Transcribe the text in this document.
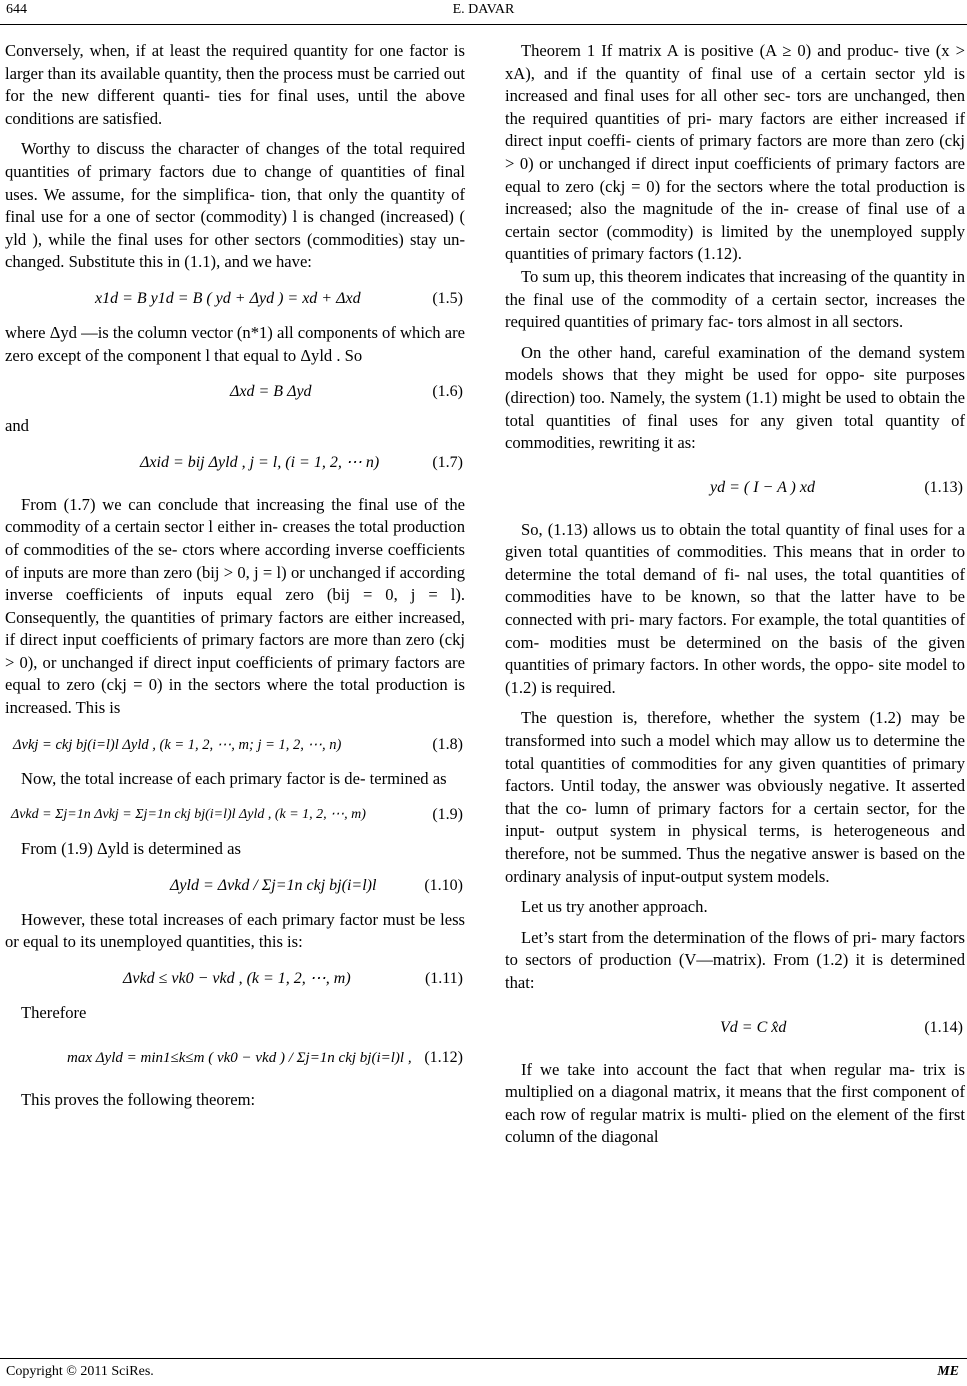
644	E. DAVAR

Conversely, when, if at least the required quantity for one factor is larger than its available quantity, then the process must be carried out for the new different quanti- ties for final uses, until the above conditions are satisfied.

Worthy to discuss the character of changes of the total required quantities of primary factors due to change of quantities of final uses. We assume, for the simplifica- tion, that only the quantity of final use for a one of sector (commodity) l is changed (increased) ( yld ), while the final uses for other sectors (commodities) stay un- changed. Substitute this in (1.1), and we have:

x1d = B y1d = B ( yd + Δyd ) = xd + Δxd	(1.5)

where Δyd —is the column vector (n*1) all components of which are zero except of the component l that equal to Δyld . So

Δxd = B Δyd	(1.6)

and

Δxid = bij Δyld , j = l, (i = 1, 2, ⋯ n)	(1.7)

From (1.7) we can conclude that increasing the final use of the commodity of a certain sector l either in- creases the total production of commodities of the se- ctors where according inverse coefficients of inputs are more than zero (bij > 0, j = l) or unchanged if according inverse coefficients of inputs equal zero (bij = 0, j = l). Consequently, the quantities of primary factors are either increased, if direct input coefficients of primary factors are more than zero (ckj > 0), or unchanged if direct input coefficients of primary factors are equal to zero (ckj = 0) in the sectors where the total production is increased. This is

Δvkj = ckj bj(i=l)l Δyld , (k = 1, 2, ⋯, m; j = 1, 2, ⋯, n)	(1.8)

Now, the total increase of each primary factor is de- termined as

Δvkd = Σj=1n Δvkj = Σj=1n ckj bj(i=l)l Δyld , (k = 1, 2, ⋯, m)	(1.9)

From (1.9) Δyld is determined as

Δyld = Δvkd / Σj=1n ckj bj(i=l)l	(1.10)

However, these total increases of each primary factor must be less or equal to its unemployed quantities, this is:

Δvkd ≤ vk0 − vkd , (k = 1, 2, ⋯, m)	(1.11)

Therefore

max Δyld = min1≤k≤m ( vk0 − vkd ) / Σj=1n ckj bj(i=l)l , (1.12)

This proves the following theorem:

Theorem 1 If matrix A is positive (A ≥ 0) and produc- tive (x > xA), and if the quantity of final use of a certain sector yld is increased and final uses for all other sec- tors are unchanged, then the required quantities of pri- mary factors are either increased if direct input coeffi- cients of primary factors are more than zero (ckj > 0) or unchanged if direct input coefficients of primary factors are equal to zero (ckj = 0) for the sectors where the total production is increased; also the magnitude of the in- crease of final use of a certain sector (commodity) is limited by the unemployed supply quantities of primary factors (1.12).

To sum up, this theorem indicates that increasing of the quantity in the final use of the commodity of a certain sector, increases the required quantities of primary fac- tors almost in all sectors.

On the other hand, careful examination of the demand system models shows that they might be used for oppo- site purposes (direction) too. Namely, the system (1.1) might be used to obtain the total quantities of final uses for any given total quantity of commodities, rewriting it as:

yd = ( I − A ) xd	(1.13)

So, (1.13) allows us to obtain the total quantity of final uses for a given total quantities of commodities. This means that in order to determine the total demand of fi- nal uses, the total quantities of commodities have to be known, so that the latter have to be connected with pri- mary factors. For example, the total quantities of com- modities must be determined on the basis of the given quantities of primary factors. In other words, the oppo- site model to (1.2) is required.

The question is, therefore, whether the system (1.2) may be transformed into such a model which may allow us to determine the total quantities of commodities for any given quantities of primary factors. Until today, the answer was obviously negative. It asserted that the co- lumn of primary factors for a certain sector, for the input- output system in physical terms, is heterogeneous and therefore, not be summed. Thus the negative answer is based on the ordinary analysis of input-output system models.

Let us try another approach.

Let’s start from the determination of the flows of pri- mary factors to sectors of production (V—matrix). From (1.2) it is determined that:

Vd = C x̂d	(1.14)

If we take into account the fact that when regular ma- trix is multiplied on a diagonal matrix, it means that the first component of each row of regular matrix is multi- plied on the element of the first column of the diagonal

Copyright © 2011 SciRes.	ME
